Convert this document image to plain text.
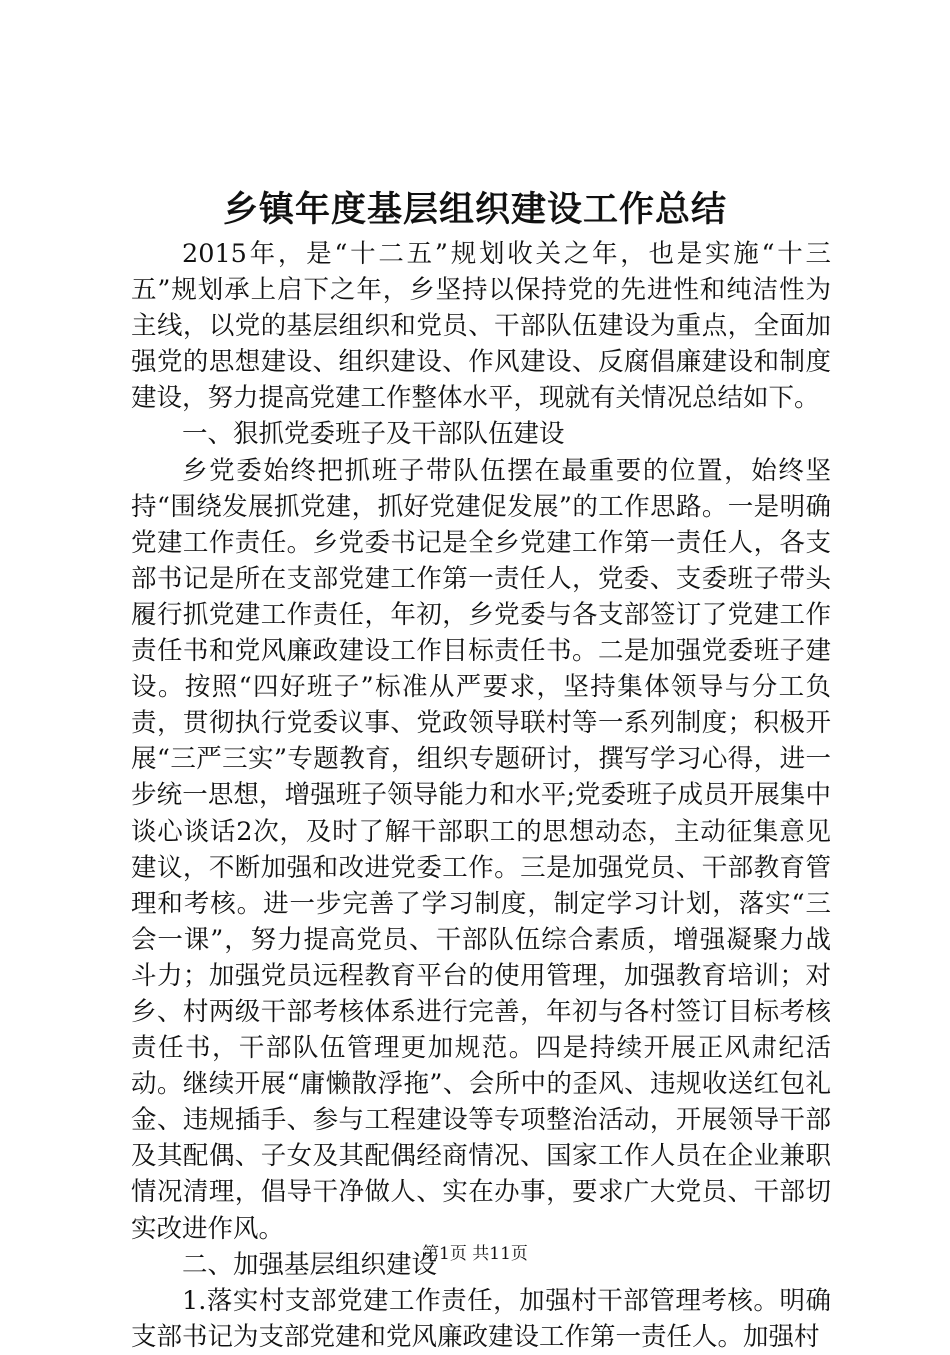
乡镇年度基层组织建设工作总结

2015年，是“十二五”规划收关之年，也是实施“十三五”规划承上启下之年，乡坚持以保持党的先进性和纯洁性为主线，以党的基层组织和党员、干部队伍建设为重点，全面加强党的思想建设、组织建设、作风建设、反腐倡廉建设和制度建设，努力提高党建工作整体水平，现就有关情况总结如下。

一、狠抓党委班子及干部队伍建设

乡党委始终把抓班子带队伍摆在最重要的位置，始终坚持“围绕发展抓党建，抓好党建促发展”的工作思路。一是明确党建工作责任。乡党委书记是全乡党建工作第一责任人，各支部书记是所在支部党建工作第一责任人，党委、支委班子带头履行抓党建工作责任，年初，乡党委与各支部签订了党建工作责任书和党风廉政建设工作目标责任书。二是加强党委班子建设。按照“四好班子”标准从严要求，坚持集体领导与分工负责，贯彻执行党委议事、党政领导联村等一系列制度；积极开展“三严三实”专题教育，组织专题研讨，撰写学习心得，进一步统一思想，增强班子领导能力和水平;党委班子成员开展集中谈心谈话2次，及时了解干部职工的思想动态，主动征集意见建议，不断加强和改进党委工作。三是加强党员、干部教育管理和考核。进一步完善了学习制度，制定学习计划，落实“三会一课”，努力提高党员、干部队伍综合素质，增强凝聚力战斗力；加强党员远程教育平台的使用管理，加强教育培训；对乡、村两级干部考核体系进行完善，年初与各村签订目标考核责任书，干部队伍管理更加规范。四是持续开展正风肃纪活动。继续开展“庸懒散浮拖”、会所中的歪风、违规收送红包礼金、违规插手、参与工程建设等专项整治活动，开展领导干部及其配偶、子女及其配偶经商情况、国家工作人员在企业兼职情况清理，倡导干净做人、实在办事，要求广大党员、干部切实改进作风。

二、加强基层组织建设

1.落实村支部党建工作责任，加强村干部管理考核。明确支部书记为支部党建和党风廉政建设工作第一责任人。加强村

第1页 共11页
